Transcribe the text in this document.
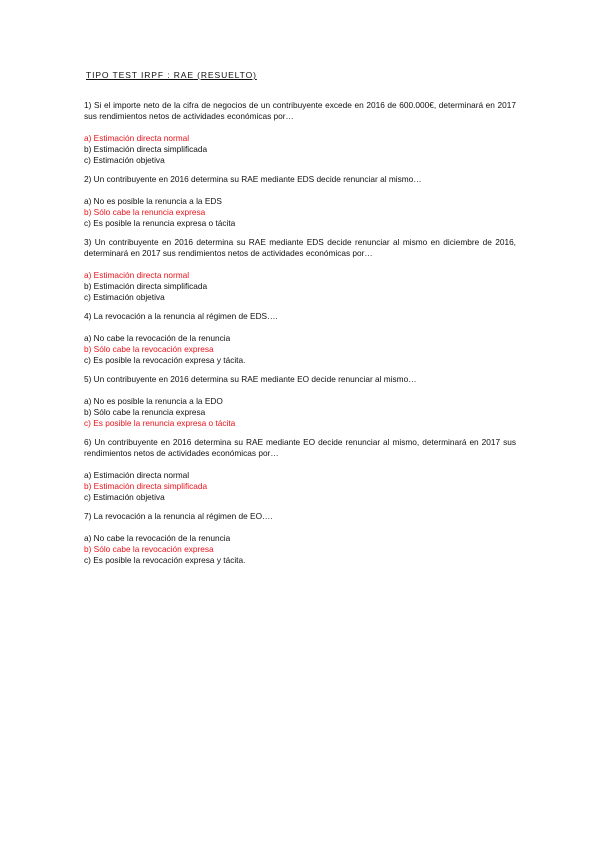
TIPO TEST IRPF : RAE (RESUELTO)
1) Si el importe neto de la cifra de negocios de un contribuyente excede en 2016 de 600.000€, determinará en 2017 sus rendimientos netos de actividades económicas por…
a) Estimación directa normal
b) Estimación directa simplificada
c) Estimación objetiva
2) Un contribuyente en 2016 determina su RAE mediante EDS decide renunciar al mismo…
a) No es posible la renuncia a la EDS
b) Sólo cabe la renuncia expresa
c) Es posible la renuncia expresa o tácita
3) Un contribuyente en 2016 determina su RAE mediante EDS decide renunciar al mismo en diciembre de 2016, determinará en 2017 sus rendimientos netos de actividades económicas por…
a) Estimación directa normal
b) Estimación directa simplificada
c) Estimación objetiva
4) La revocación a la renuncia al régimen de EDS….
a) No cabe la revocación de la renuncia
b) Sólo cabe la revocación expresa
c) Es posible la revocación expresa y tácita.
5) Un contribuyente en 2016 determina su RAE mediante EO decide renunciar al mismo…
a) No es posible la renuncia a la EDO
b) Sólo cabe la renuncia expresa
c) Es posible la renuncia expresa o tácita
6) Un contribuyente en 2016 determina su RAE mediante EO decide renunciar al mismo, determinará en 2017 sus rendimientos netos de actividades económicas por…
a) Estimación directa normal
b) Estimación directa simplificada
c) Estimación objetiva
7) La revocación a la renuncia al régimen de EO….
a) No cabe la revocación de la renuncia
b) Sólo cabe la revocación expresa
c) Es posible la revocación expresa y tácita.
